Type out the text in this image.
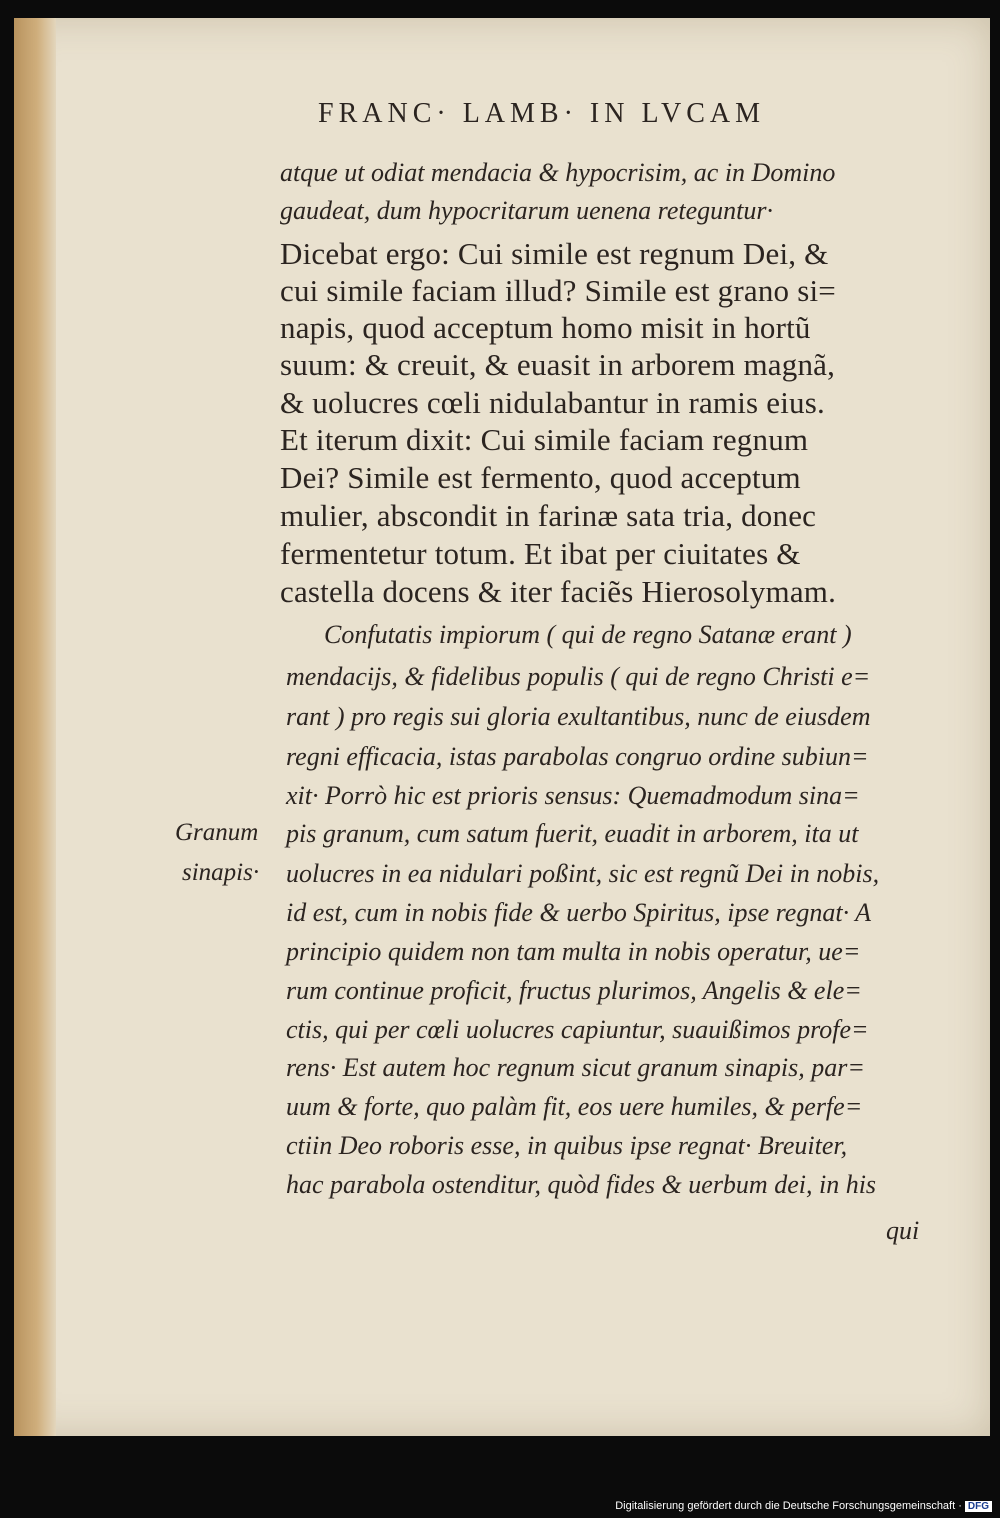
FRANC· LAMB· IN LVCAM
atque ut odiat mendacia & hypocrisim, ac in Domino
gaudeat, dum hypocritarum uenena reteguntur·
Dicebat ergo: Cui simile est regnum Dei, &
cui simile faciam illud? Simile est grano si=
napis, quod acceptum homo misit in hortũ
suum: & creuit, & euasit in arborem magnã,
& uolucres cœli nidulabantur in ramis eius.
Et iterum dixit: Cui simile faciam regnum
Dei? Simile est fermento, quod acceptum
mulier, abscondit in farinæ sata tria, donec
fermentetur totum. Et ibat per ciuitates &
castella docens & iter faciẽs Hierosolymam.
Confutatis impiorum ( qui de regno Satanæ erant )
mendacijs, & fidelibus populis ( qui de regno Christi e=
rant ) pro regis sui gloria exultantibus, nunc de eiusdem
regni efficacia, istas parabolas congruo ordine subiun=
xit· Porrò hic est prioris sensus: Quemadmodum sina=
pis granum, cum satum fuerit, euadit in arborem, ita ut
uolucres in ea nidulari poßint, sic est regnũ Dei in nobis,
id est, cum in nobis fide & uerbo Spiritus, ipse regnat· A
principio quidem non tam multa in nobis operatur, ue=
rum continue proficit, fructus plurimos, Angelis & ele=
ctis, qui per cœli uolucres capiuntur, suauißimos profe=
rens· Est autem hoc regnum sicut granum sinapis, par=
uum & forte, quo palàm fit, eos uere humiles, & perfe=
ctiin Deo roboris esse, in quibus ipse regnat· Breuiter,
hac parabola ostenditur, quòd fides & uerbum dei, in his
qui
Granum
sinapis·
Digitalisierung gefördert durch die Deutsche Forschungsgemeinschaft · DFG
